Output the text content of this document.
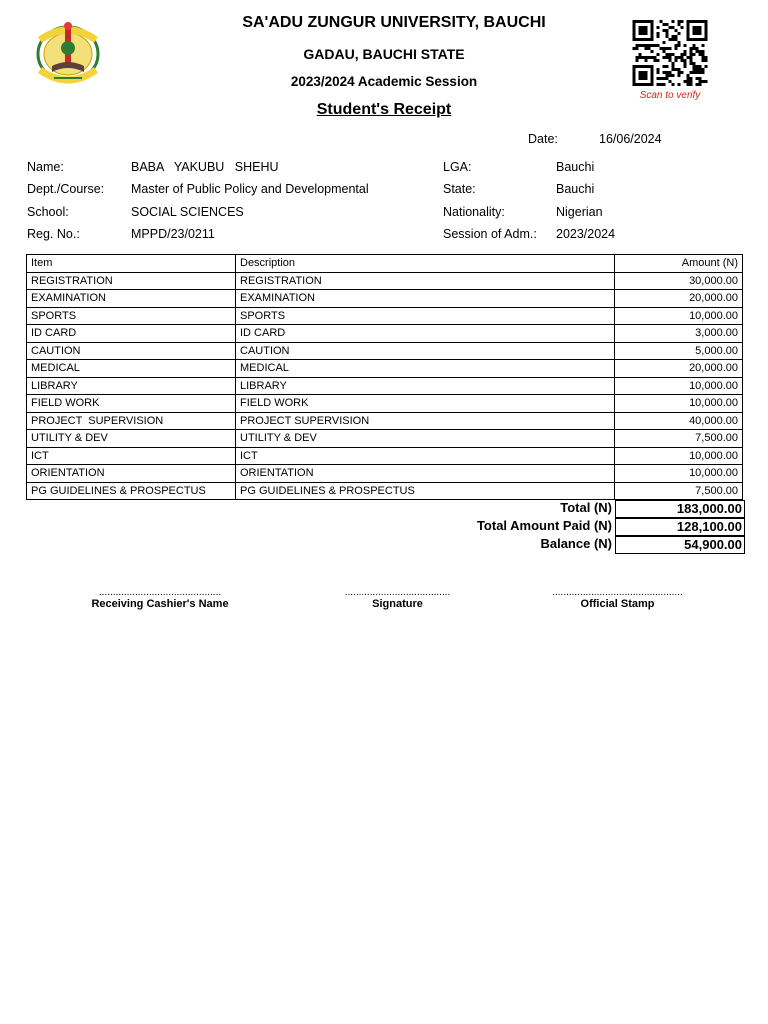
SA'ADU ZUNGUR UNIVERSITY, BAUCHI
GADAU, BAUCHI STATE
2023/2024 Academic Session
Student's Receipt
Scan to verify
Date:	16/06/2024
Name:	BABA   YAKUBU   SHEHU
Dept./Course: Master of Public Policy and Developmental
School:	SOCIAL SCIENCES
Reg. No.:	MPPD/23/0211
LGA:	Bauchi
State:	Bauchi
Nationality:	Nigerian
Session of Adm.: 2023/2024
Item	Description	Amount (N)
REGISTRATION	REGISTRATION	30,000.00
EXAMINATION	EXAMINATION	20,000.00
SPORTS	SPORTS	10,000.00
ID CARD	ID CARD	3,000.00
CAUTION	CAUTION	5,000.00
MEDICAL	MEDICAL	20,000.00
LIBRARY	LIBRARY	10,000.00
FIELD WORK	FIELD WORK	10,000.00
PROJECT  SUPERVISION	PROJECT SUPERVISION	40,000.00
UTILITY & DEV	UTILITY & DEV	7,500.00
ICT	ICT	10,000.00
ORIENTATION	ORIENTATION	10,000.00
PG GUIDELINES & PROSPECTUS	PG GUIDELINES & PROSPECTUS	7,500.00
Total (N)	183,000.00
Total Amount Paid (N)	128,100.00
Balance (N)	54,900.00
............................................
Receiving Cashier's Name
......................................
Signature
...............................................
Official Stamp
